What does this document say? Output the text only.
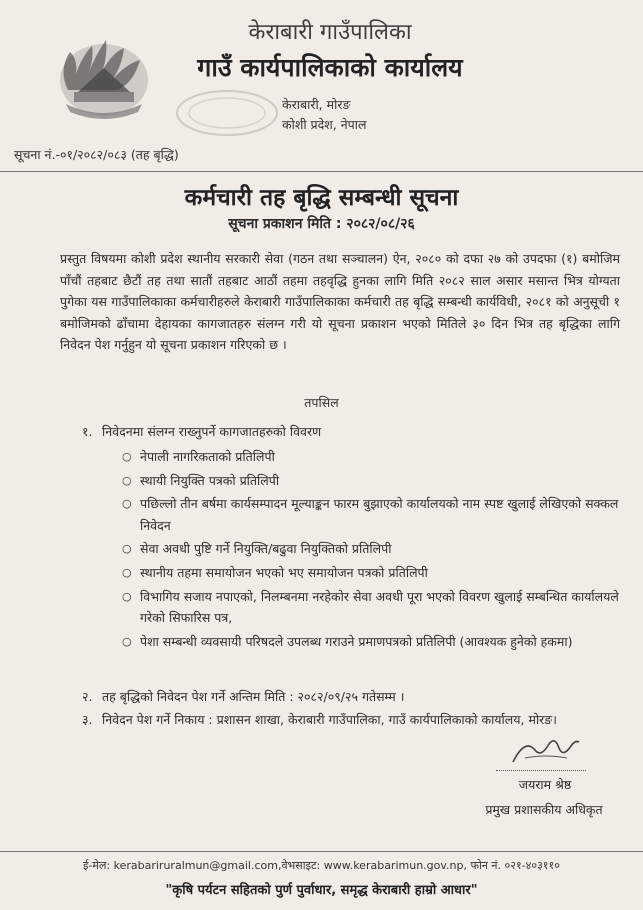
केराबारी गाउँपालिका
गाउँ कार्यपालिकाको कार्यालय
केराबारी, मोरङ
कोशी प्रदेश, नेपाल
सूचना नं.-०१/२०८२/०८३ (तह बृद्धि)
कर्मचारी तह बृद्धि सम्बन्धी सूचना
सूचना प्रकाशन मिति : २०८२/०८/२६
प्रस्तुत विषयमा कोशी प्रदेश स्थानीय सरकारी सेवा (गठन तथा सञ्चालन) ऐन, २०८० को दफा २७ को उपदफा (१) बमोजिम पाँचौं तहबाट छैटौं तह तथा सातौं तहबाट आठौं तहमा तहवृद्धि हुनका लागि मिति २०८२ साल असार मसान्त भित्र योग्यता पुगेका यस गाउँपालिकाका कर्मचारीहरुले केराबारी गाउँपालिकाका कर्मचारी तह बृद्धि सम्बन्धी कार्यविधी, २०८१ को अनुसूची १ बमोजिमको ढाँचामा देहायका कागजातहरु संलग्न गरी यो सूचना प्रकाशन भएको मितिले ३० दिन भित्र तह बृद्धिका लागि निवेदन पेश गर्नुहुन यो सूचना प्रकाशन गरिएको छ ।
तपसिल
१. निवेदनमा संलग्न राख्नुपर्ने कागजातहरुको विवरण
○ नेपाली नागरिकताको प्रतिलिपी
○ स्थायी नियुक्ति पत्रको प्रतिलिपी
○ पछिल्लो तीन बर्षमा कार्यसम्पादन मूल्याङ्कन फारम बुझाएको कार्यालयको नाम स्पष्ट खुलाई लेखिएको सक्कल निवेदन
○ सेवा अवधी पुष्टि गर्ने नियुक्ति/बढुवा नियुक्तिको प्रतिलिपी
○ स्थानीय तहमा समायोजन भएको भए समायोजन पत्रको प्रतिलिपी
○ विभागिय सजाय नपाएको, निलम्बनमा नरहेकोर सेवा अवधी पूरा भएको विवरण खुलाई सम्बन्धित कार्यालयले गरेको सिफारिस पत्र,
○ पेशा सम्बन्धी व्यवसायी परिषदले उपलब्ध गराउने प्रमाणपत्रको प्रतिलिपी (आवश्यक हुनेको हकमा)
२. तह बृद्धिको निवेदन पेश गर्ने अन्तिम मिति : २०८२/०९/२५ गतेसम्म ।
३. निवेदन पेश गर्ने निकाय : प्रशासन शाखा, केराबारी गाउँपालिका, गाउँ कार्यपालिकाको कार्यालय, मोरङ।
जयराम श्रेष्ठ
प्रमुख प्रशासकीय अधिकृत
ई-मेल: kerabariruralmun@gmail.com,वेभसाइट: www.kerabarimun.gov.np, फोन नं. ०२१-४०३११०
"कृषि पर्यटन सहितको पुर्ण पुर्वाधार, समृद्ध केराबारी हाम्रो आधार"
